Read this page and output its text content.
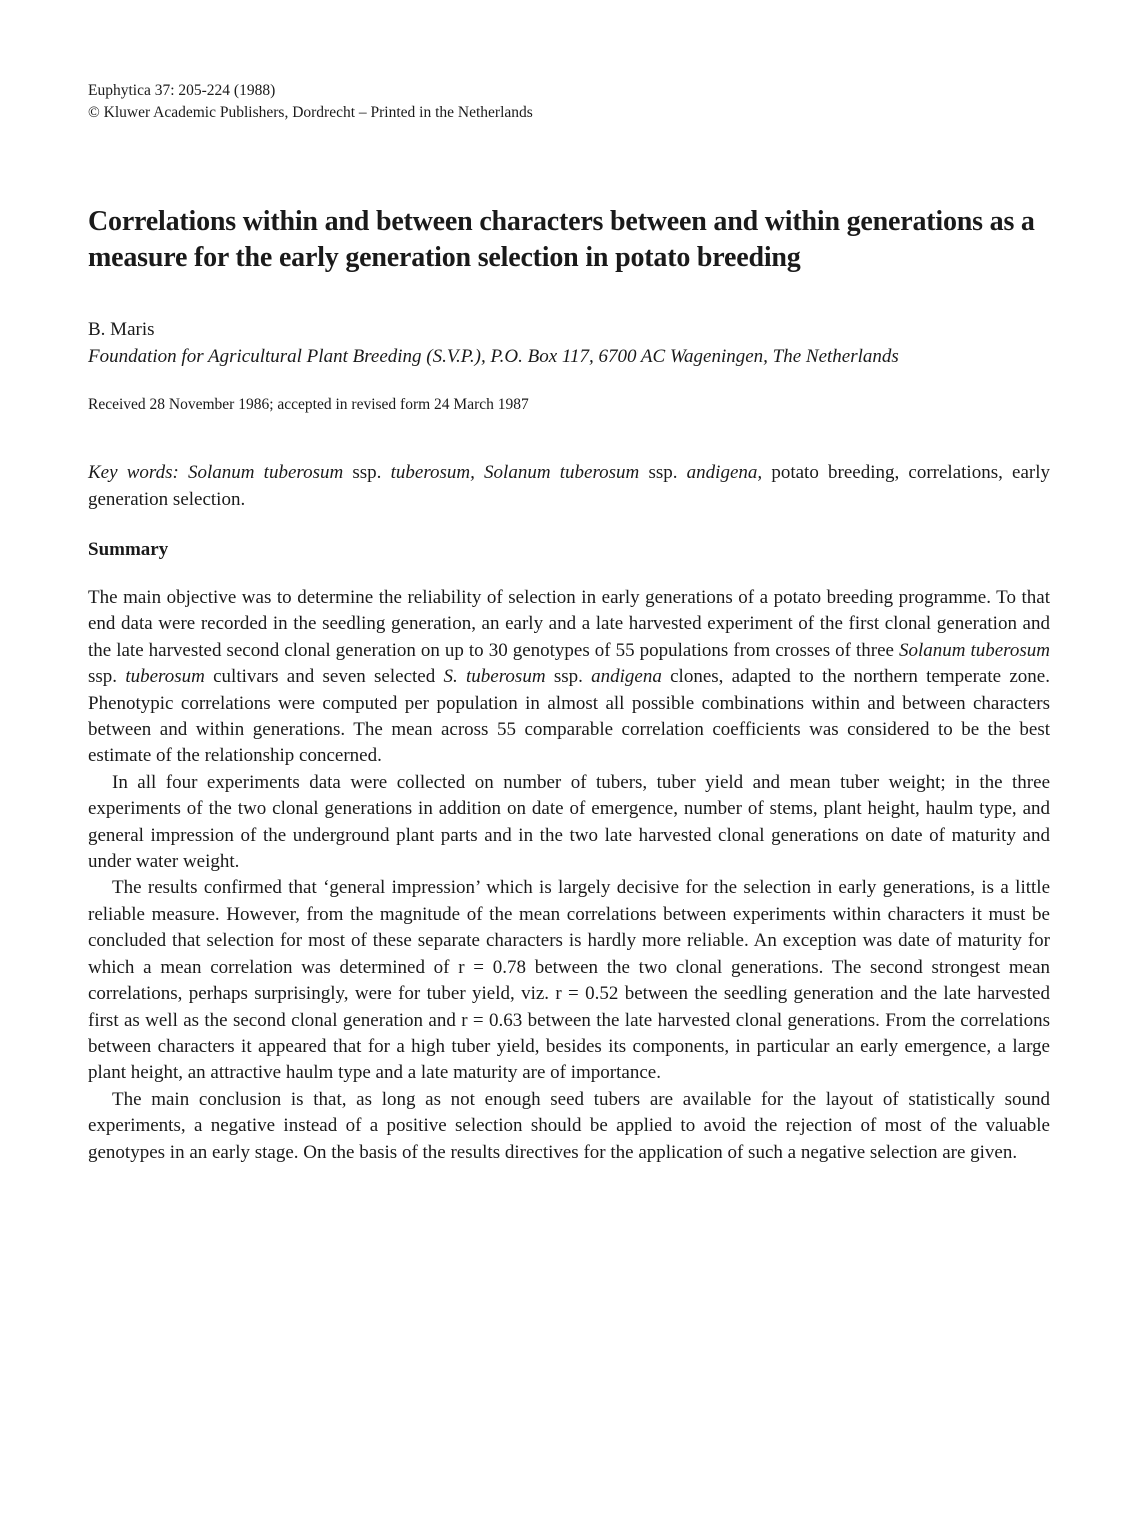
Euphytica 37: 205-224 (1988)
© Kluwer Academic Publishers, Dordrecht – Printed in the Netherlands
Correlations within and between characters between and within generations as a measure for the early generation selection in potato breeding
B. Maris
Foundation for Agricultural Plant Breeding (S.V.P.), P.O. Box 117, 6700 AC Wageningen, The Netherlands
Received 28 November 1986; accepted in revised form 24 March 1987
Key words: Solanum tuberosum ssp. tuberosum, Solanum tuberosum ssp. andigena, potato breeding, correlations, early generation selection.
Summary

The main objective was to determine the reliability of selection in early generations of a potato breeding programme. To that end data were recorded in the seedling generation, an early and a late harvested experiment of the first clonal generation and the late harvested second clonal generation on up to 30 genotypes of 55 populations from crosses of three Solanum tuberosum ssp. tuberosum cultivars and seven selected S. tuberosum ssp. andigena clones, adapted to the northern temperate zone. Phenotypic correlations were computed per population in almost all possible combinations within and between characters between and within generations. The mean across 55 comparable correlation coefficients was considered to be the best estimate of the relationship concerned.

In all four experiments data were collected on number of tubers, tuber yield and mean tuber weight; in the three experiments of the two clonal generations in addition on date of emergence, number of stems, plant height, haulm type, and general impression of the underground plant parts and in the two late harvested clonal generations on date of maturity and under water weight.

The results confirmed that ‘general impression’ which is largely decisive for the selection in early generations, is a little reliable measure. However, from the magnitude of the mean correlations between experiments within characters it must be concluded that selection for most of these separate characters is hardly more reliable. An exception was date of maturity for which a mean correlation was determined of r = 0.78 between the two clonal generations. The second strongest mean correlations, perhaps surprisingly, were for tuber yield, viz. r = 0.52 between the seedling generation and the late harvested first as well as the second clonal generation and r = 0.63 between the late harvested clonal generations. From the correlations between characters it appeared that for a high tuber yield, besides its components, in particular an early emergence, a large plant height, an attractive haulm type and a late maturity are of importance.

The main conclusion is that, as long as not enough seed tubers are available for the layout of statistically sound experiments, a negative instead of a positive selection should be applied to avoid the rejection of most of the valuable genotypes in an early stage. On the basis of the results directives for the application of such a negative selection are given.
